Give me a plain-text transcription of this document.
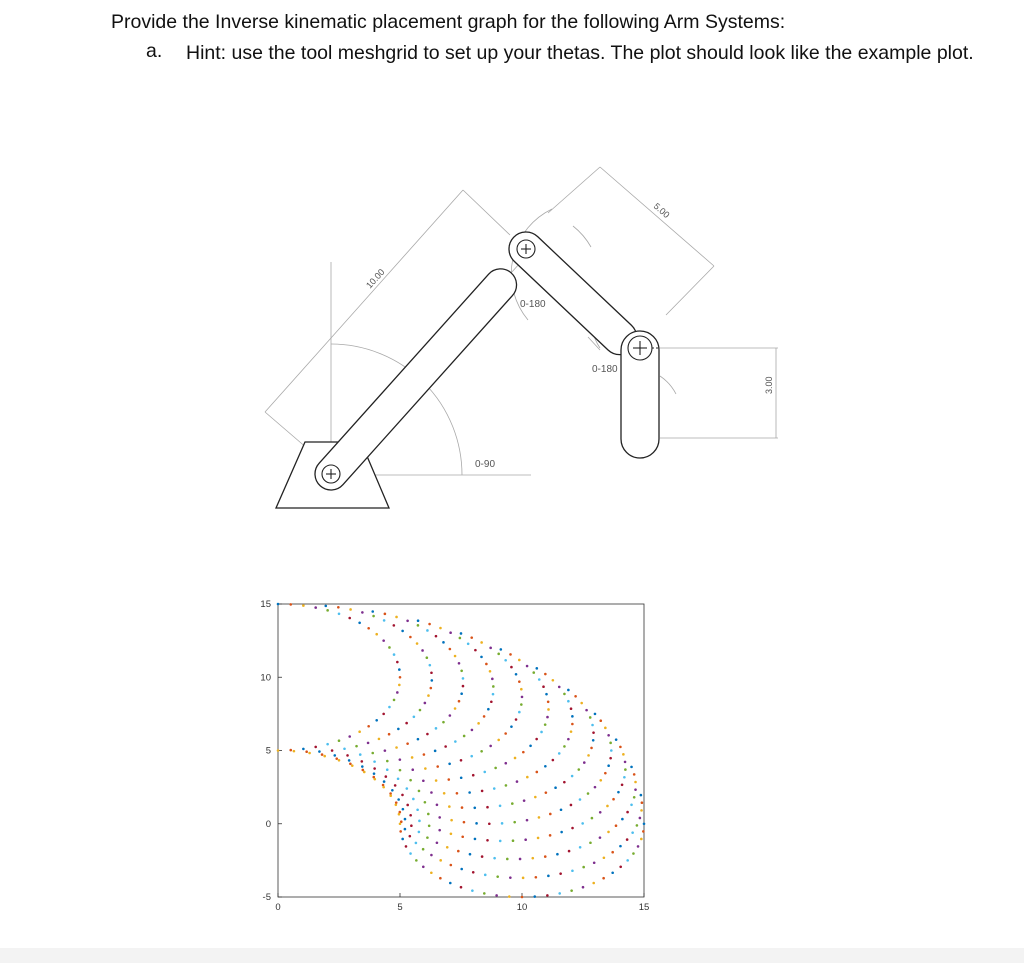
Provide the Inverse kinematic placement graph for the following Arm Systems:
a. Hint: use the tool meshgrid to set up your thetas. The plot should look like the example plot.
10.00
5.00
3.00
0-90
0-180
0-180
0	5	10	15
15
10
5
0
-5
